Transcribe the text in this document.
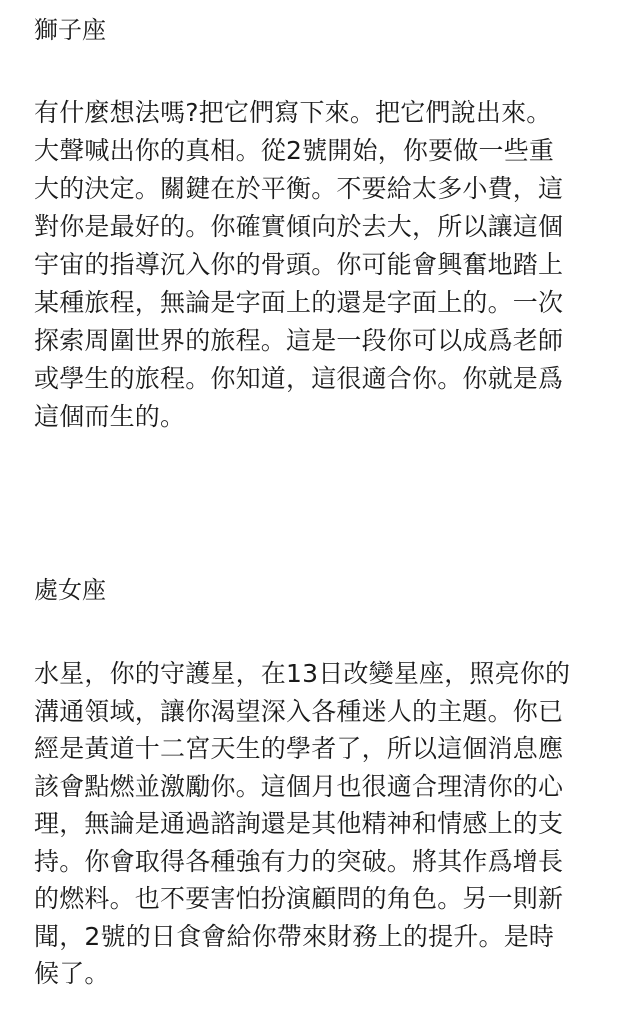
獅子座
有什麼想法嗎?把它們寫下來。把它們說出來。
大聲喊出你的真相。從2號開始，你要做一些重
大的決定。關鍵在於平衡。不要給太多小費，這
對你是最好的。你確實傾向於去大，所以讓這個
宇宙的指導沉入你的骨頭。你可能會興奮地踏上
某種旅程，無論是字面上的還是字面上的。一次
探索周圍世界的旅程。這是一段你可以成爲老師
或學生的旅程。你知道，這很適合你。你就是爲
這個而生的。
處女座
水星，你的守護星，在13日改變星座，照亮你的
溝通領域，讓你渴望深入各種迷人的主題。你已
經是黃道十二宮天生的學者了，所以這個消息應
該會點燃並激勵你。這個月也很適合理清你的心
理，無論是通過諮詢還是其他精神和情感上的支
持。你會取得各種強有力的突破。將其作爲增長
的燃料。也不要害怕扮演顧問的角色。另一則新
聞，2號的日食會給你帶來財務上的提升。是時
候了。
